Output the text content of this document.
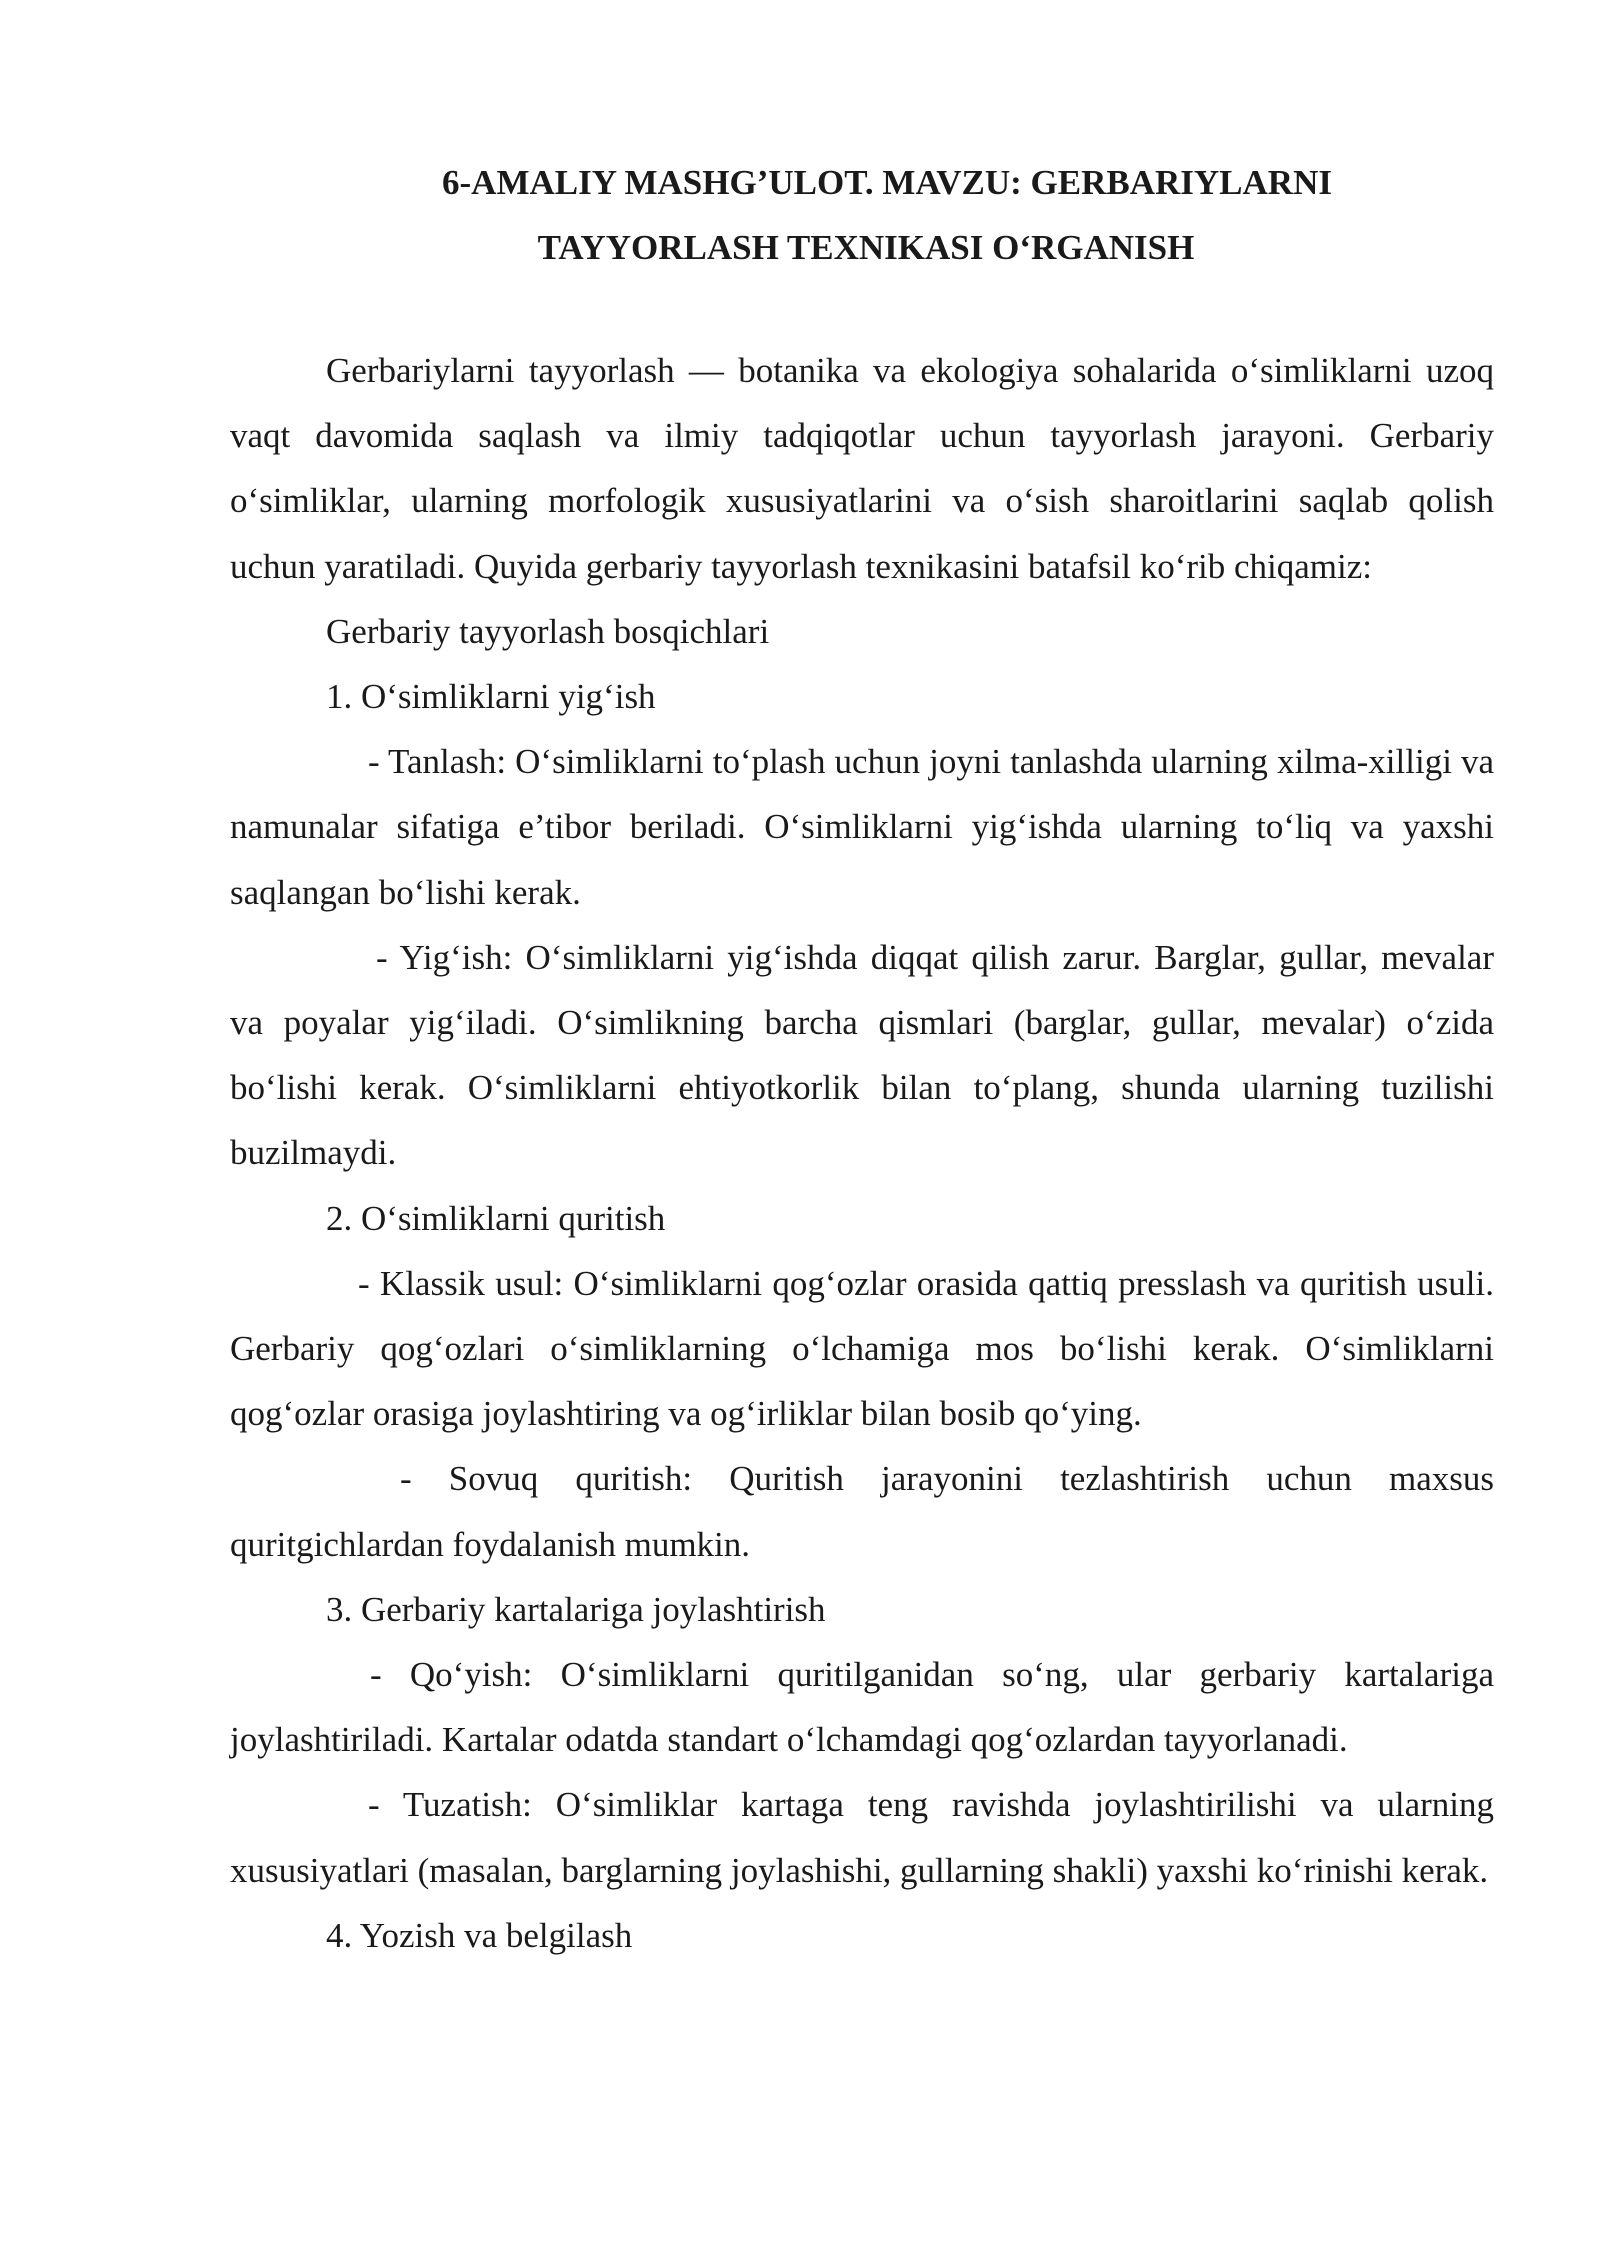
6-AMALIY MASHG’ULOT. MAVZU: GERBARIYLARNI
TAYYORLASH TEXNIKASI O‘RGANISH

Gerbariylarni tayyorlash — botanika va ekologiya sohalarida o‘simliklarni uzoq vaqt davomida saqlash va ilmiy tadqiqotlar uchun tayyorlash jarayoni. Gerbariy o‘simliklar, ularning morfologik xususiyatlarini va o‘sish sharoitlarini saqlab qolish uchun yaratiladi. Quyida gerbariy tayyorlash texnikasini batafsil ko‘rib chiqamiz:

Gerbariy tayyorlash bosqichlari

1. O‘simliklarni yig‘ish

- Tanlash: O‘simliklarni to‘plash uchun joyni tanlashda ularning xilma-xilligi va namunalar sifatiga e’tibor beriladi. O‘simliklarni yig‘ishda ularning to‘liq va yaxshi saqlangan bo‘lishi kerak.

- Yig‘ish: O‘simliklarni yig‘ishda diqqat qilish zarur. Barglar, gullar, mevalar va poyalar yig‘iladi. O‘simlikning barcha qismlari (barglar, gullar, mevalar) o‘zida bo‘lishi kerak. O‘simliklarni ehtiyotkorlik bilan to‘plang, shunda ularning tuzilishi buzilmaydi.

2. O‘simliklarni quritish

- Klassik usul: O‘simliklarni qog‘ozlar orasida qattiq presslash va quritish usuli. Gerbariy qog‘ozlari o‘simliklarning o‘lchamiga mos bo‘lishi kerak. O‘simliklarni qog‘ozlar orasiga joylashtiring va og‘irliklar bilan bosib qo‘ying.

- Sovuq quritish: Quritish jarayonini tezlashtirish uchun maxsus quritgichlardan foydalanish mumkin.

3. Gerbariy kartalariga joylashtirish

- Qo‘yish: O‘simliklarni quritilganidan so‘ng, ular gerbariy kartalariga joylashtiriladi. Kartalar odatda standart o‘lchamdagi qog‘ozlardan tayyorlanadi.

- Tuzatish: O‘simliklar kartaga teng ravishda joylashtirilishi va ularning xususiyatlari (masalan, barglarning joylashishi, gullarning shakli) yaxshi ko‘rinishi kerak.

4. Yozish va belgilash
